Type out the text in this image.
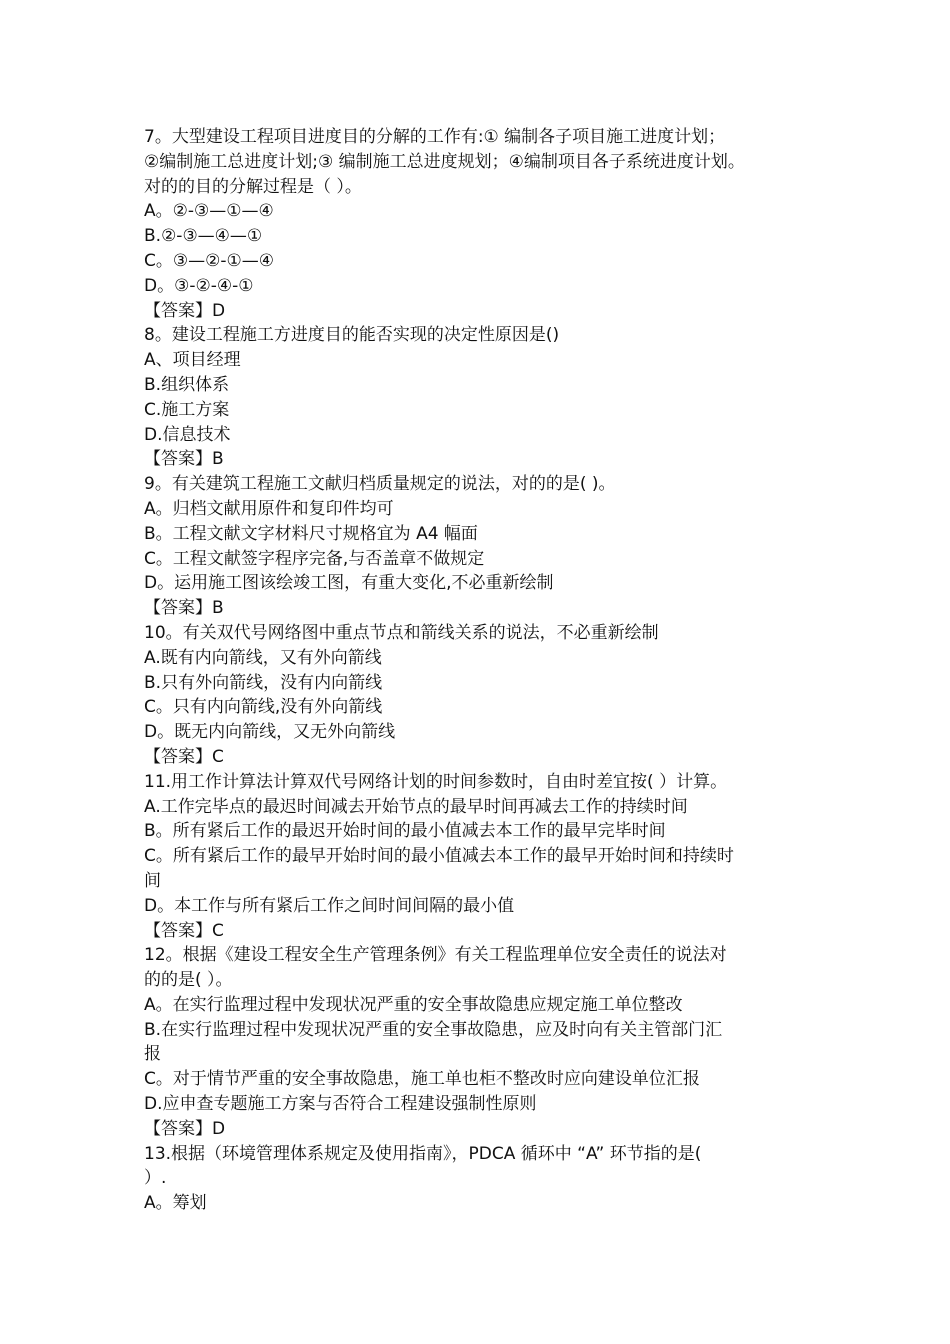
7。大型建设工程项目进度目的分解的工作有:① 编制各子项目施工进度计划；
②编制施工总进度计划;③ 编制施工总进度规划；④编制项目各子系统进度计划。
对的的目的分解过程是（ ）。
A。②-③—①—④
B.②-③—④—①
C。③—②-①—④
D。③-②-④-①
【答案】D
8。建设工程施工方进度目的能否实现的决定性原因是()
A、项目经理
B.组织体系
C.施工方案
D.信息技术
【答案】B
9。有关建筑工程施工文献归档质量规定的说法，对的的是( )。
A。归档文献用原件和复印件均可
B。工程文献文字材料尺寸规格宜为 A4 幅面
C。工程文献签字程序完备,与否盖章不做规定
D。运用施工图该绘竣工图，有重大变化,不必重新绘制
【答案】B
10。有关双代号网络图中重点节点和箭线关系的说法，不必重新绘制
A.既有内向箭线，又有外向箭线
B.只有外向箭线，没有内向箭线
C。只有内向箭线,没有外向箭线
D。既无内向箭线，又无外向箭线
【答案】C
11.用工作计算法计算双代号网络计划的时间参数时，自由时差宜按( ）计算。
A.工作完毕点的最迟时间减去开始节点的最早时间再减去工作的持续时间
B。所有紧后工作的最迟开始时间的最小值减去本工作的最早完毕时间
C。所有紧后工作的最早开始时间的最小值减去本工作的最早开始时间和持续时
间
D。本工作与所有紧后工作之间时间间隔的最小值
【答案】C
12。根据《建设工程安全生产管理条例》有关工程监理单位安全责任的说法对
的的是( ）。
A。在实行监理过程中发现状况严重的安全事故隐患应规定施工单位整改
B.在实行监理过程中发现状况严重的安全事故隐患，应及时向有关主管部门汇
报
C。对于情节严重的安全事故隐患，施工单也柜不整改时应向建设单位汇报
D.应申查专题施工方案与否符合工程建设强制性原则
【答案】D
13.根据（环境管理体系规定及使用指南》，PDCA 循环中 “A” 环节指的是(
）.
A。筹划
